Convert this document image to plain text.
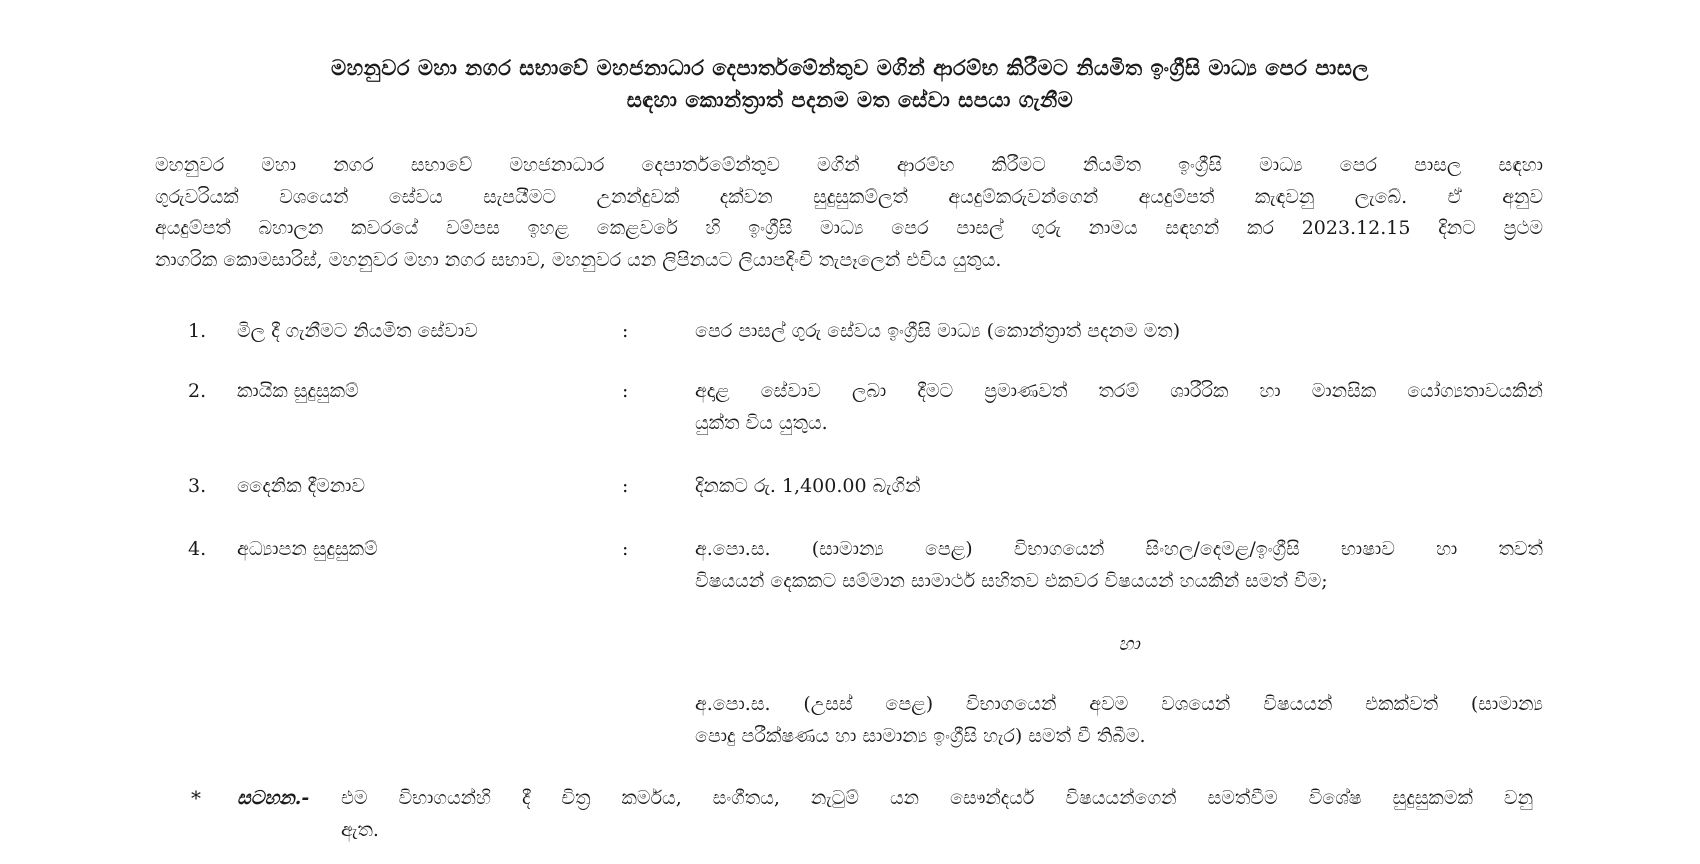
මහනුවර මහා නගර සභාවේ මහජනාධාර දෙපාර්තමේන්තුව මගින් ආරම්භ කිරීමට නියමිත ඉංග්‍රීසි මාධ්‍ය පෙර පාසල
සඳහා කොන්ත්‍රාත් පදනම මත සේවා සපයා ගැනීම
මහනුවර මහා නගර සභාවේ මහජනාධාර දෙපාර්තමේන්තුව මගින් ආරම්භ කිරීමට නියමිත ඉංග්‍රීසි මාධ්‍ය පෙර පාසල සඳහා
ගුරුවරියක් වශයෙන් සේවය සැපයීමට උනන්දුවක් දක්වන සුදුසුකම්ලත් අයදුම්කරුවන්ගෙන් අයදුම්පත් කැඳවනු ලැබේ. ඒ අනුව
අයදුම්පත් බහාලන කවරයේ වම්පස ඉහළ කෙළවරේ හි ඉංග්‍රීසි මාධ්‍ය පෙර පාසල් ගුරු නාමය සඳහන් කර 2023.12.15 දිනට ප්‍රථම
නාගරික කොමසාරිස්, මහනුවර මහා නගර සභාව, මහනුවර යන ලිපිනයට ලියාපදිංචි තැපෑලෙන් එවිය යුතුය.
1. මිල දී ගැනීමට නියමිත සේවාව	:	පෙර පාසල් ගුරු සේවය ඉංග්‍රීසි මාධ්‍ය (කොන්ත්‍රාත් පදනම මත)
2. කායික සුදුසුකම්	:	අදාළ සේවාව ලබා දීමට ප්‍රමාණවත් තරම් ශාරීරික හා මානසික යෝග්‍යතාවයකින්
යුක්ත විය යුතුය.
3. දෛනික දීමනාව	:	දිනකට රු. 1,400.00 බැගින්
4. අධ්‍යාපන සුදුසුකම්	:	අ.පො.ස. (සාමාන්‍ය පෙළ) විභාගයෙන් සිංහල/දෙමළ/ඉංග්‍රීසි භාෂාව හා තවත්
විෂයයන් දෙකකට සම්මාන සාමාර්ථ සහිතව එකවර විෂයයන් හයකින් සමත් වීම;
හා
අ.පො.ස. (උසස් පෙළ) විභාගයෙන් අවම වශයෙන් විෂයයන් එකක්වත් (සාමාන්‍ය
පොදු පරීක්ෂණය හා සාමාන්‍ය ඉංග්‍රීසි හැර) සමත් වී තිබීම.
* සටහන.- එම විභාගයන්හි දී චිත්‍ර කර්මය, සංගීතය, නැටුම් යන සෞන්දර්ය විෂයයන්ගෙන් සමත්වීම විශේෂ සුදුසුකමක් වනු
ඇත.
